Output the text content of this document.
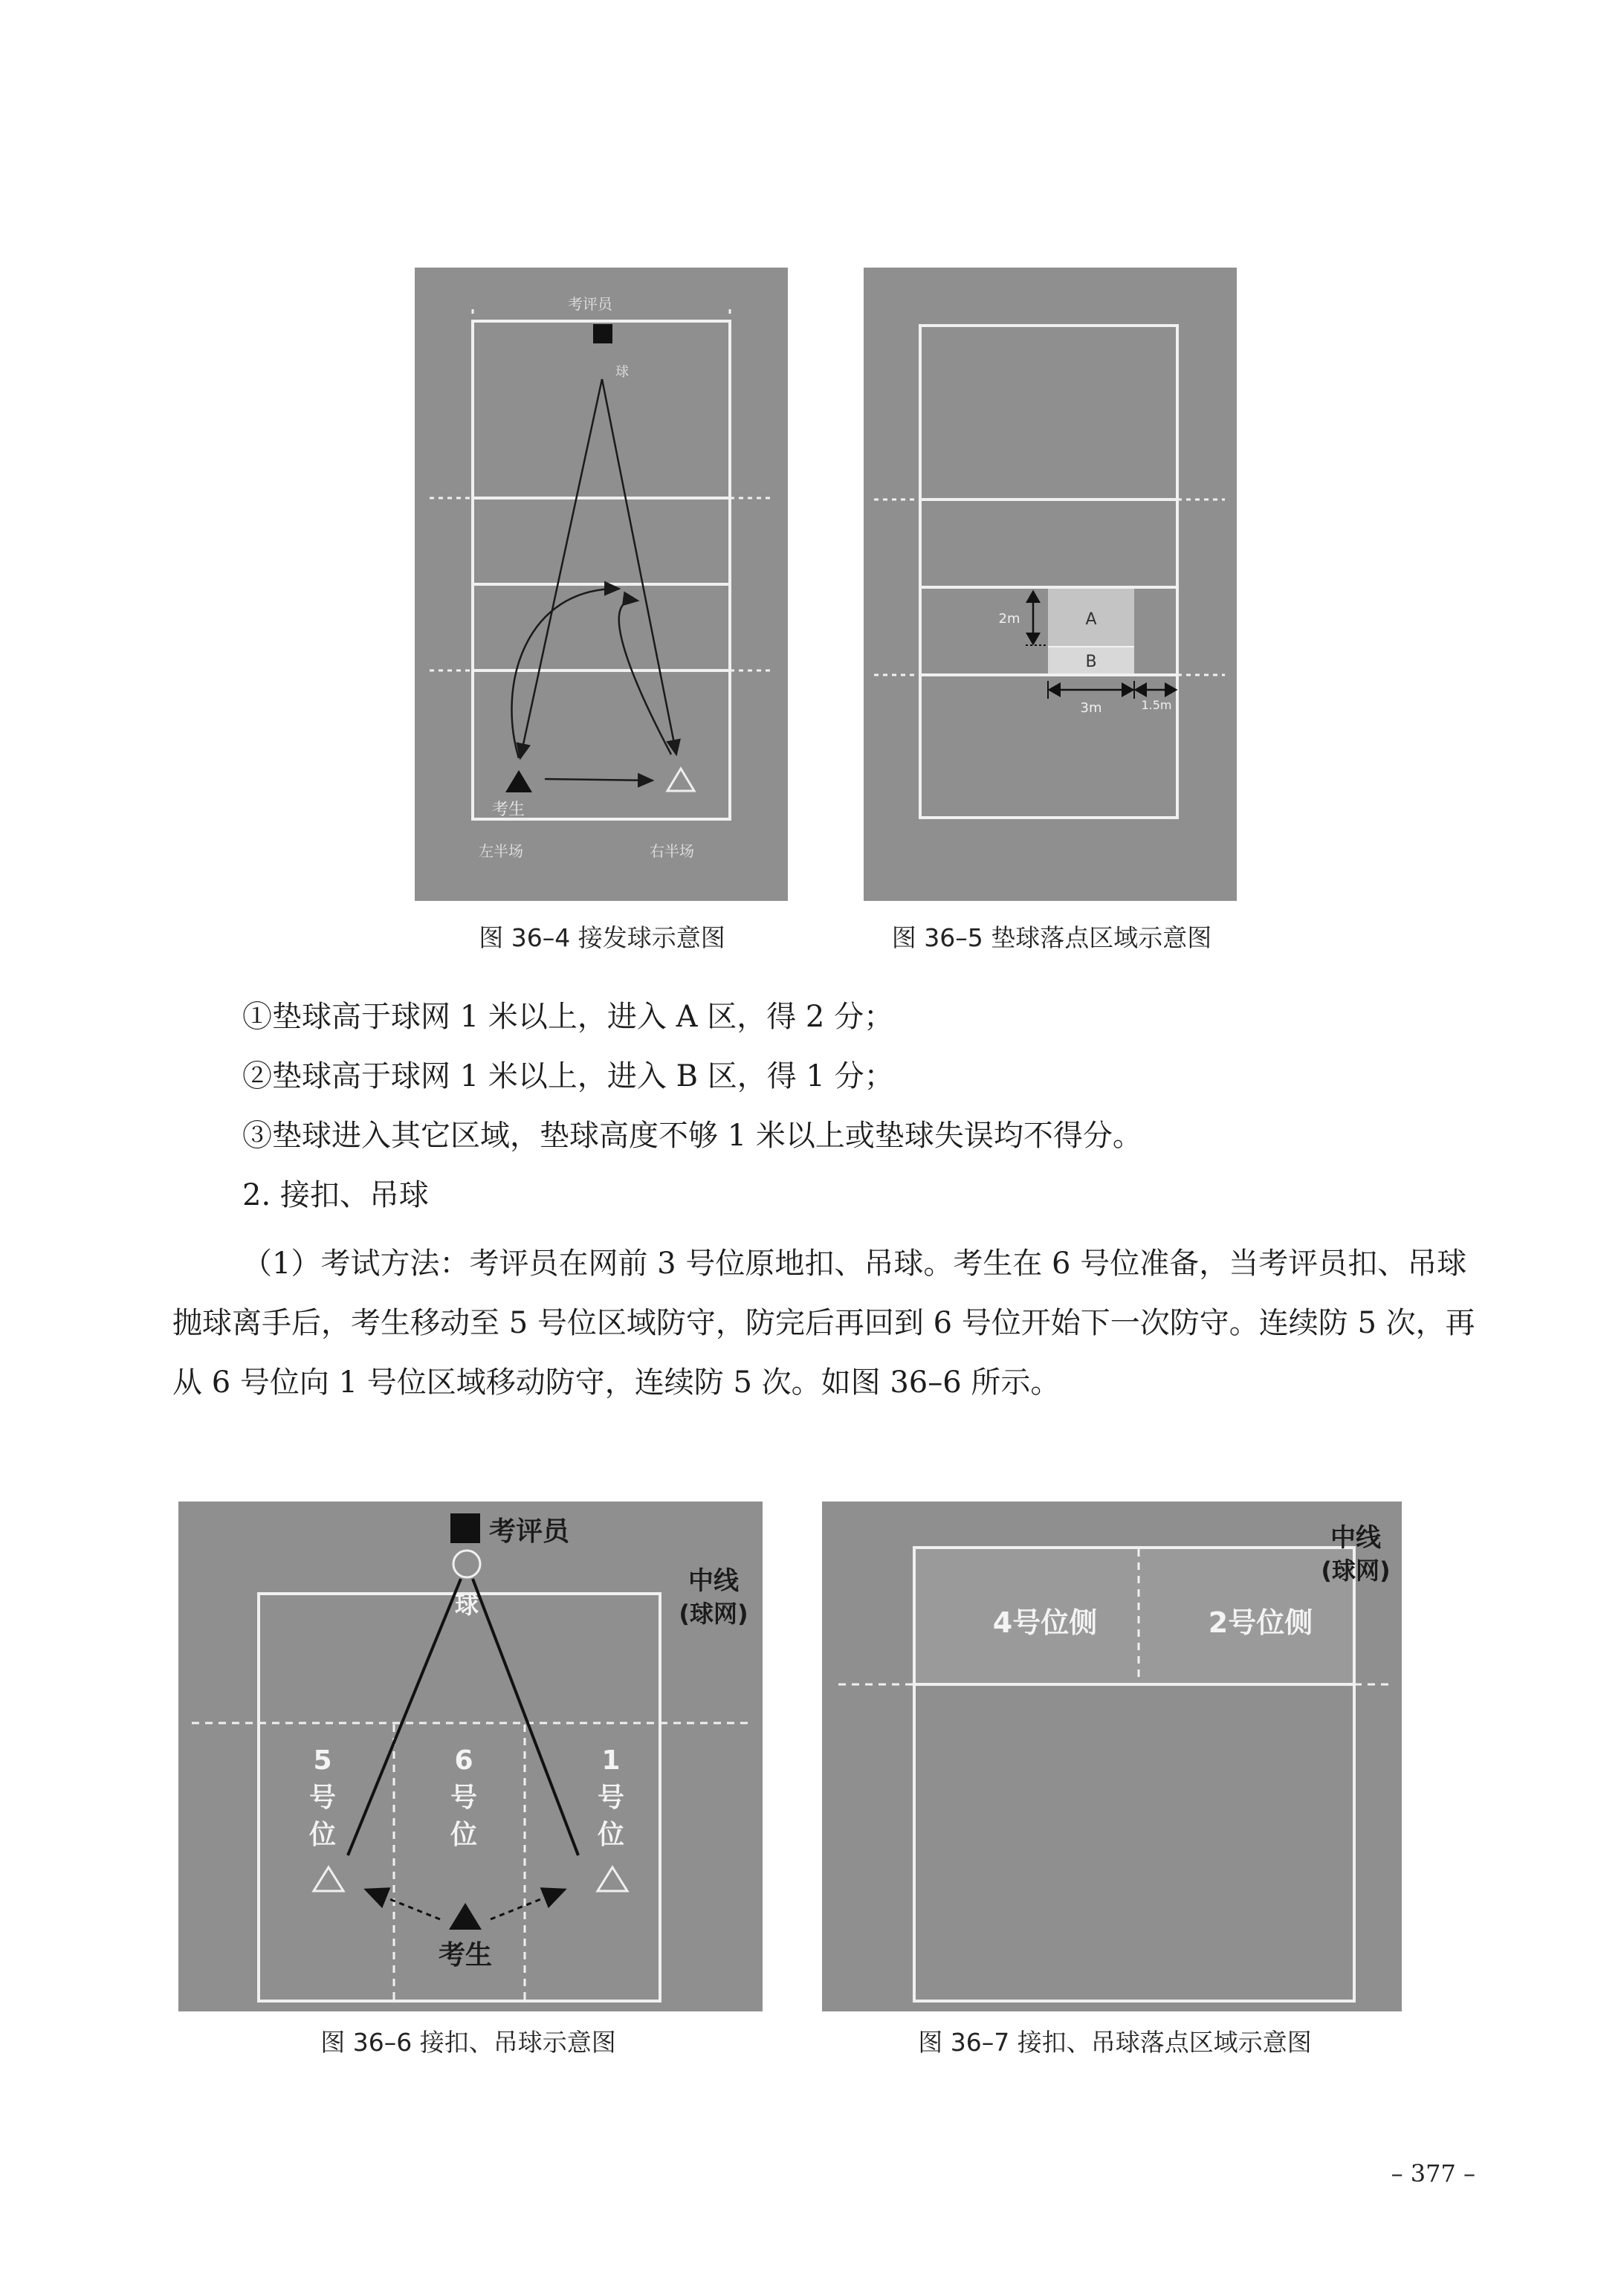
考评员
球
考生
左半场	右半场
图 36–4 接发球示意图
A
B
2m
3m	1.5m
图 36–5 垫球落点区域示意图

①垫球高于球网 1 米以上，进入 A 区，得 2 分；

②垫球高于球网 1 米以上，进入 B 区，得 1 分；

③垫球进入其它区域，垫球高度不够 1 米以上或垫球失误均不得分。

2. 接扣、吊球

（1）考试方法：考评员在网前 3 号位原地扣、吊球。考生在 6 号位准备，当考评员扣、吊球抛球离手后，考生移动至 5 号位区域防守，防完后再回到 6 号位开始下一次防守。连续防 5 次，再从 6 号位向 1 号位区域移动防守，连续防 5 次。如图 36–6 所示。

考评员
球
中线
(球网)
5
号
位
6
号
位
1
号
位
考生
图 36–6 接扣、吊球示意图
4号位侧	2号位侧
中线
(球网)
图 36–7 接扣、吊球落点区域示意图
– 377 –
